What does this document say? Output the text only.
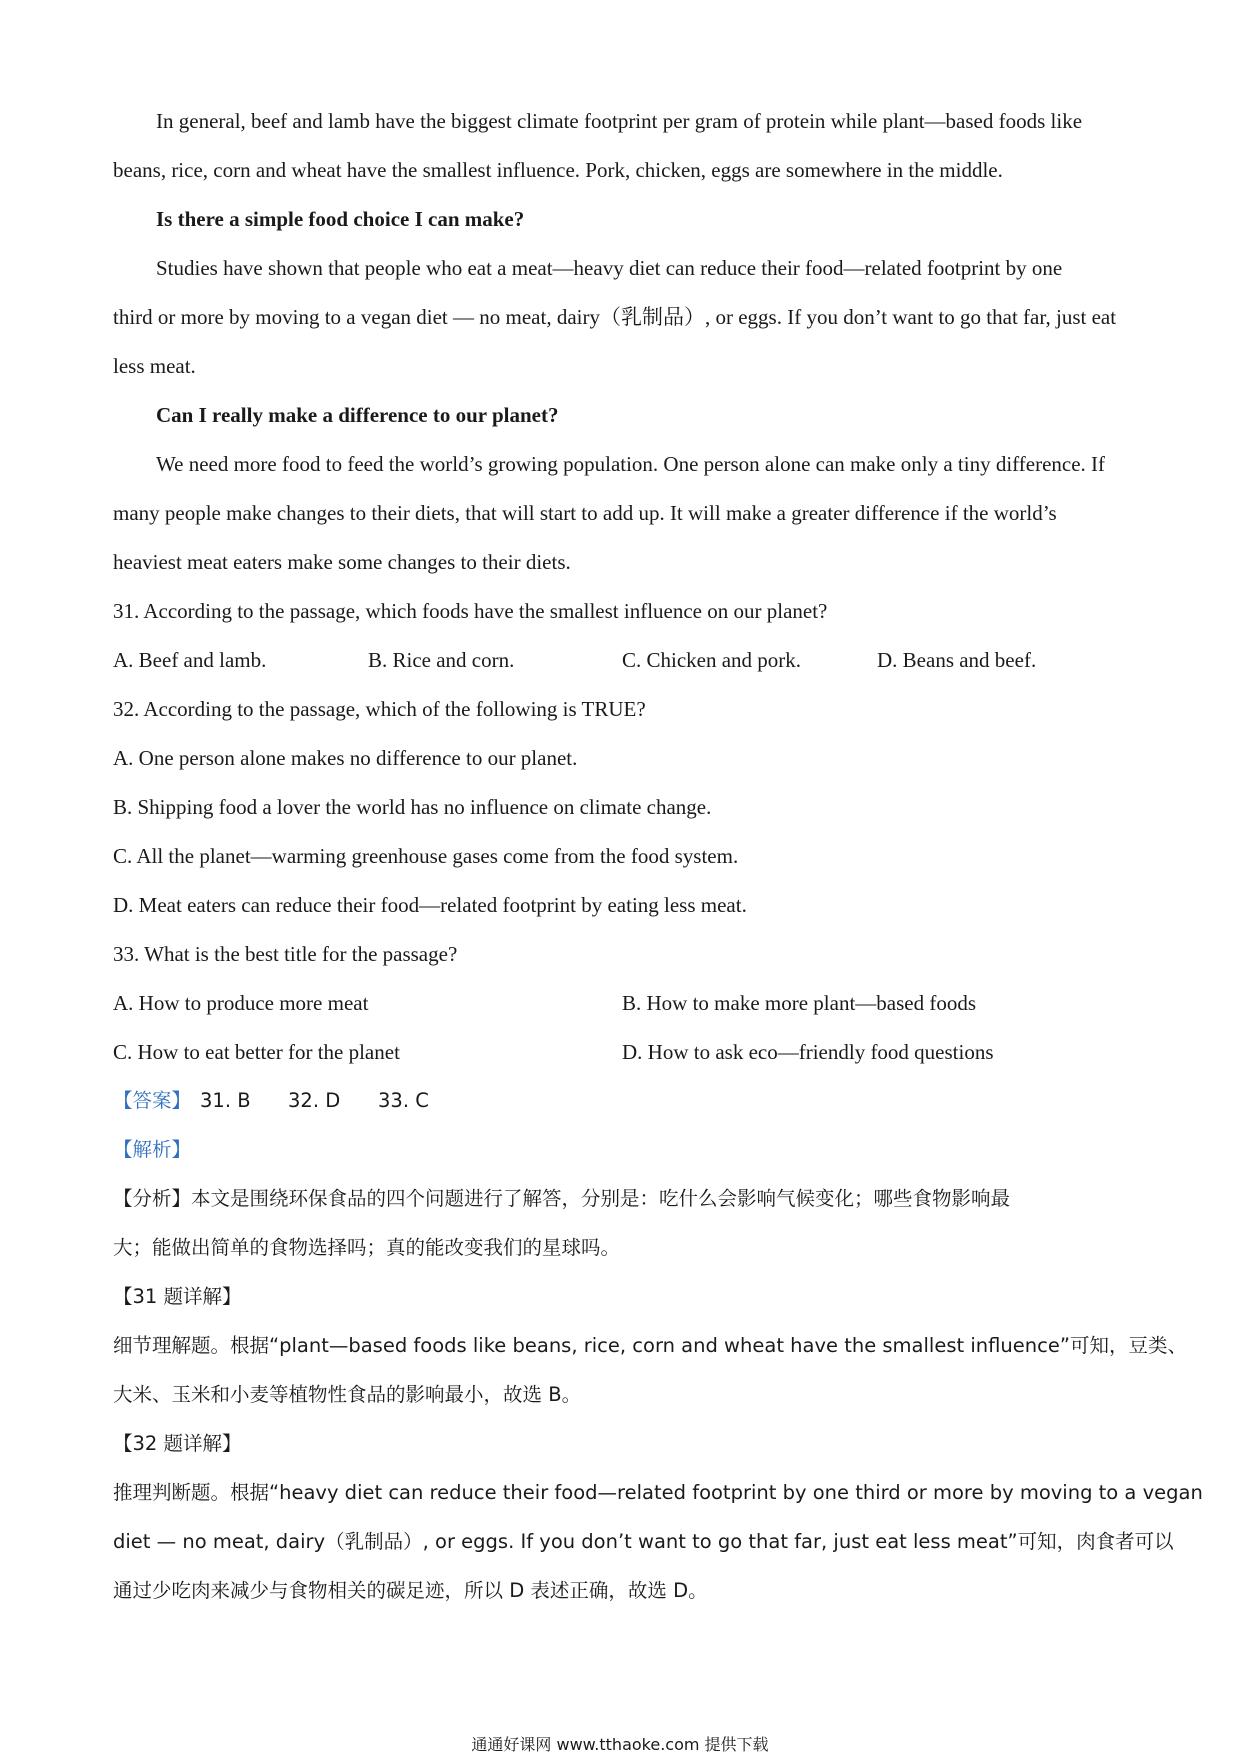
In general, beef and lamb have the biggest climate footprint per gram of protein while plant—based foods like
beans, rice, corn and wheat have the smallest influence. Pork, chicken, eggs are somewhere in the middle.
Is there a simple food choice I can make?
Studies have shown that people who eat a meat—heavy diet can reduce their food—related footprint by one
third or more by moving to a vegan diet — no meat, dairy（乳制品）, or eggs. If you don’t want to go that far, just eat
less meat.
Can I really make a difference to our planet?
We need more food to feed the world’s growing population. One person alone can make only a tiny difference. If
many people make changes to their diets, that will start to add up. It will make a greater difference if the world’s
heaviest meat eaters make some changes to their diets.
31. According to the passage, which foods have the smallest influence on our planet?
A. Beef and lamb.	B. Rice and corn.	C. Chicken and pork.	D. Beans and beef.
32. According to the passage, which of the following is TRUE?
A. One person alone makes no difference to our planet.
B. Shipping food a lover the world has no influence on climate change.
C. All the planet—warming greenhouse gases come from the food system.
D. Meat eaters can reduce their food—related footprint by eating less meat.
33. What is the best title for the passage?
A. How to produce more meat	B. How to make more plant—based foods
C. How to eat better for the planet	D. How to ask eco—friendly food questions
【答案】 31. B 32. D 33. C
【解析】
【分析】本文是围绕环保食品的四个问题进行了解答，分别是：吃什么会影响气候变化；哪些食物影响最
大；能做出简单的食物选择吗；真的能改变我们的星球吗。
【31 题详解】
细节理解题。根据“plant—based foods like beans, rice, corn and wheat have the smallest influence”可知，豆类、
大米、玉米和小麦等植物性食品的影响最小，故选 B。
【32 题详解】
推理判断题。根据“heavy diet can reduce their food—related footprint by one third or more by moving to a vegan
diet — no meat, dairy（乳制品）, or eggs. If you don’t want to go that far, just eat less meat”可知，肉食者可以
通过少吃肉来减少与食物相关的碳足迹，所以 D 表述正确，故选 D。
通通好课网 www.tthaoke.com 提供下载
